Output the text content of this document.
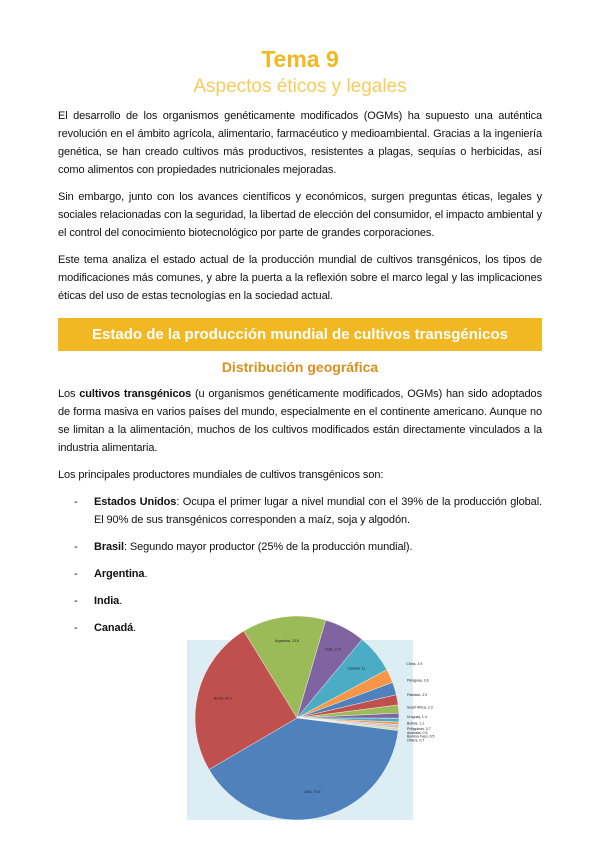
Tema 9
Aspectos éticos y legales

El desarrollo de los organismos genéticamente modificados (OGMs) ha supuesto una auténtica revolución en el ámbito agrícola, alimentario, farmacéutico y medioambiental. Gracias a la ingeniería genética, se han creado cultivos más productivos, resistentes a plagas, sequías o herbicidas, así como alimentos con propiedades nutricionales mejoradas.

Sin embargo, junto con los avances científicos y económicos, surgen preguntas éticas, legales y sociales relacionadas con la seguridad, la libertad de elección del consumidor, el impacto ambiental y el control del conocimiento biotecnológico por parte de grandes corporaciones.

Este tema analiza el estado actual de la producción mundial de cultivos transgénicos, los tipos de modificaciones más comunes, y abre la puerta a la reflexión sobre el marco legal y las implicaciones éticas del uso de estas tecnologías en la sociedad actual.

Estado de la producción mundial de cultivos transgénicos
Distribución geográfica

Los cultivos transgénicos (u organismos genéticamente modificados, OGMs) han sido adoptados de forma masiva en varios países del mundo, especialmente en el continente americano. Aunque no se limitan a la alimentación, muchos de los cultivos modificados están directamente vinculados a la industria alimentaria.

Los principales productores mundiales de cultivos transgénicos son:

- Estados Unidos: Ocupa el primer lugar a nivel mundial con el 39% de la producción global. El 90% de sus transgénicos corresponden a maíz, soja y algodón.
- Brasil: Segundo mayor productor (25% de la producción mundial).
- Argentina.
- India.
- Canadá.
Argentina, 23.8
India, 11.6
Canada, 11
China, 3.9
Paraguay, 3.6
Pakistan, 2.9
South Africa, 2.3
Uruguay, 1.4
Bolivia, 1.1
Philippines, 0.7
Australia, 0.5
Burkina Faso, 0.5
Others, 0.7
USA, 70.9
Brazil, 44.2
